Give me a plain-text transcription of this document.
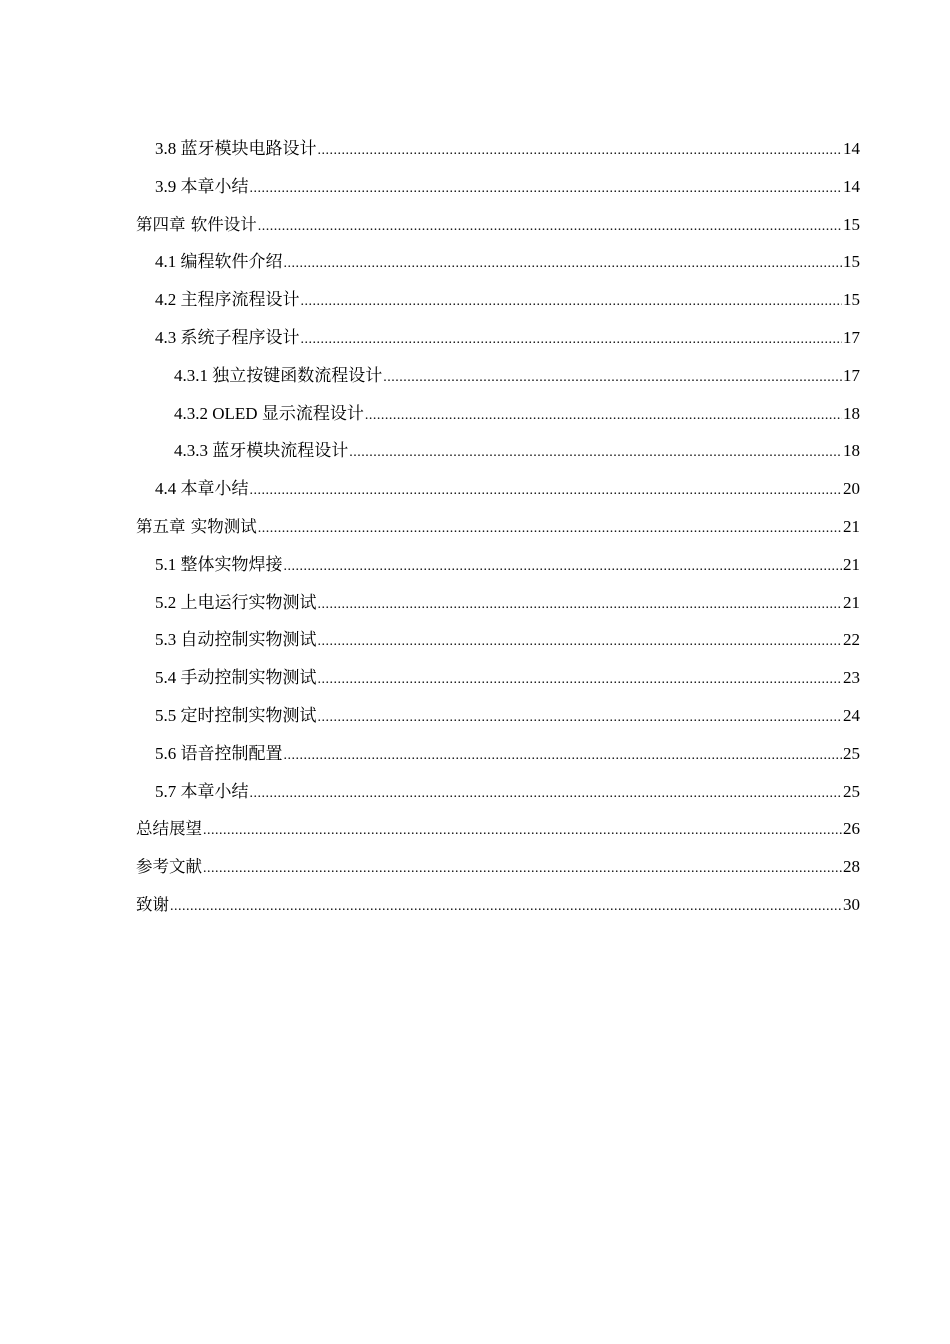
3.8 蓝牙模块电路设计 .....	14
3.9 本章小结 .....	14
第四章 软件设计 .....	15
4.1 编程软件介绍 .....	15
4.2 主程序流程设计 .....	15
4.3 系统子程序设计 .....	17
4.3.1 独立按键函数流程设计 .....	17
4.3.2 OLED 显示流程设计 .....	18
4.3.3 蓝牙模块流程设计 .....	18
4.4 本章小结 .....	20
第五章 实物测试 .....	21
5.1 整体实物焊接 .....	21
5.2 上电运行实物测试 .....	21
5.3 自动控制实物测试 .....	22
5.4 手动控制实物测试 .....	23
5.5 定时控制实物测试 .....	24
5.6 语音控制配置 .....	25
5.7 本章小结 .....	25
总结展望 .....	26
参考文献 .....	28
致谢 .....	30
